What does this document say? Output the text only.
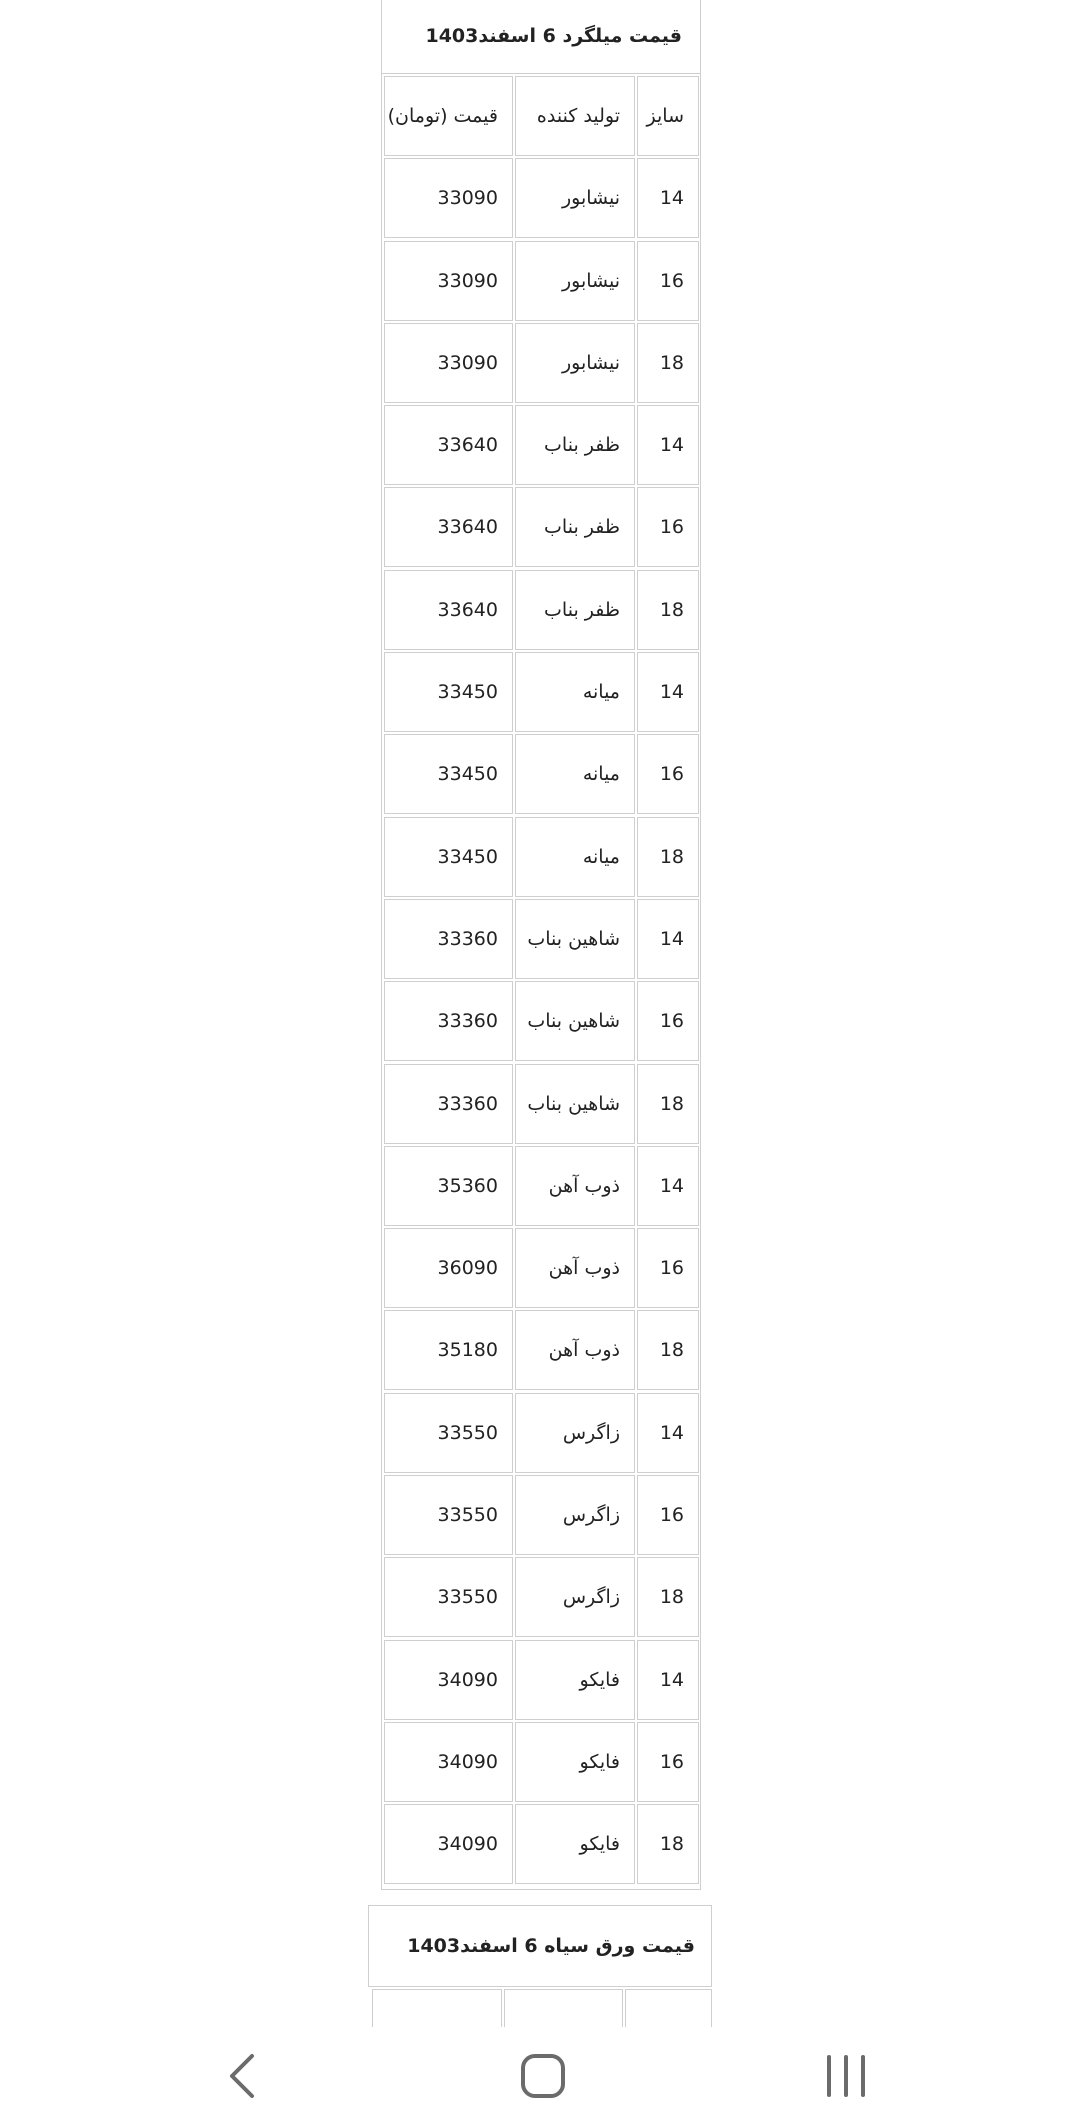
قیمت میلگرد 6 اسفند1403
سایز
تولید کننده
قیمت (تومان)
14
نیشابور
33090
16
نیشابور
33090
18
نیشابور
33090
14
ظفر بناب
33640
16
ظفر بناب
33640
18
ظفر بناب
33640
14
میانه
33450
16
میانه
33450
18
میانه
33450
14
شاهین بناب
33360
16
شاهین بناب
33360
18
شاهین بناب
33360
14
ذوب آهن
35360
16
ذوب آهن
36090
18
ذوب آهن
35180
14
زاگرس
33550
16
زاگرس
33550
18
زاگرس
33550
14
فایکو
34090
16
فایکو
34090
18
فایکو
34090
قیمت ورق سیاه 6 اسفند1403
